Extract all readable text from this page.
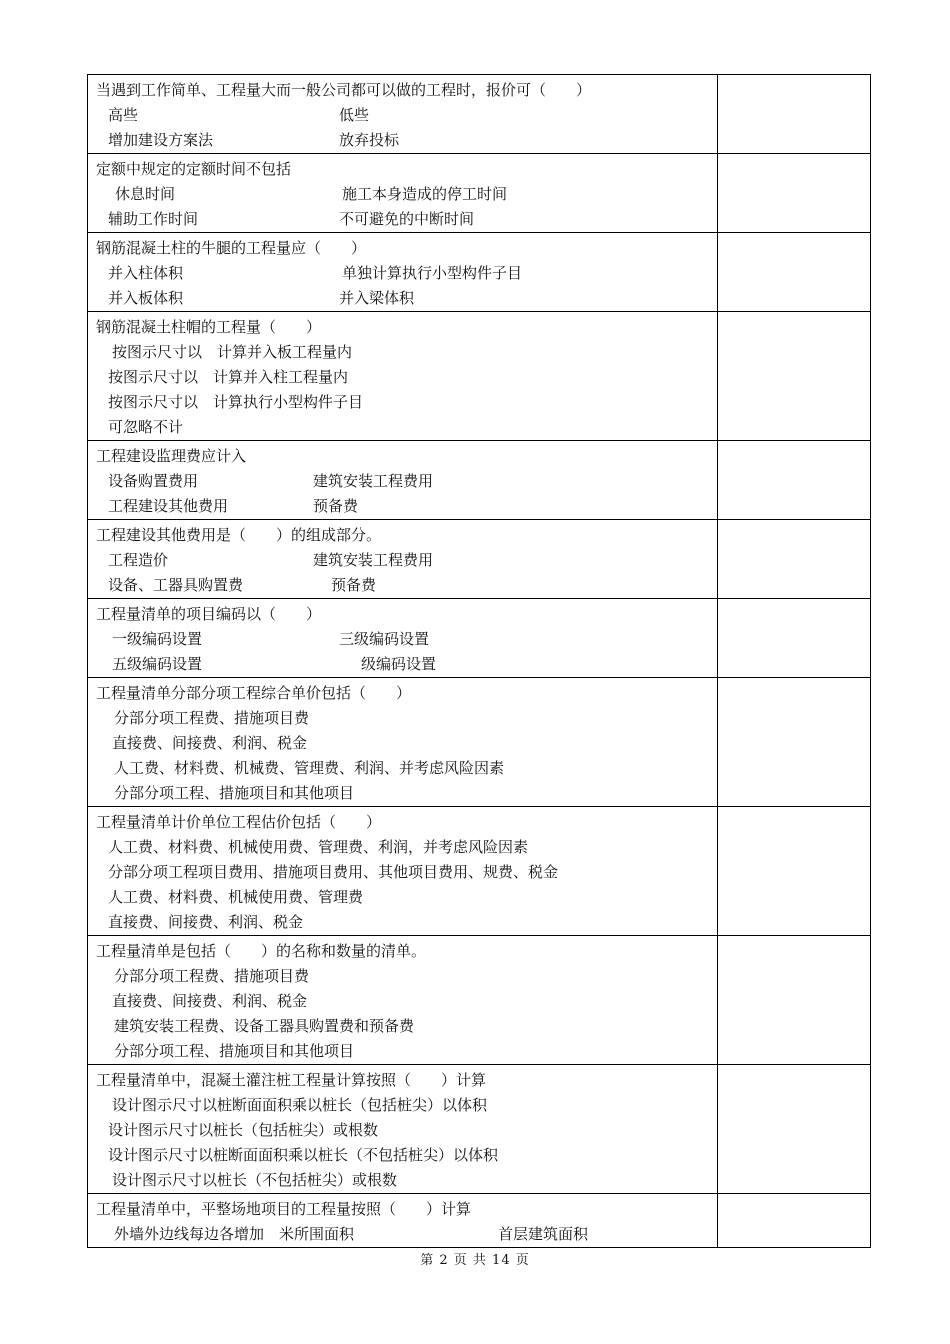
当遇到工作简单、工程量大而一般公司都可以做的工程时，报价可（　　）
高些 低些
增加建设方案法 放弃投标	

定额中规定的定额时间不包括
休息时间 施工本身造成的停工时间
辅助工作时间 不可避免的中断时间	

钢筋混凝土柱的牛腿的工程量应（　　）
并入柱体积 单独计算执行小型构件子目
并入板体积 并入梁体积	

钢筋混凝土柱帽的工程量（　　）
按图示尺寸以　计算并入板工程量内
按图示尺寸以　计算并入柱工程量内
按图示尺寸以　计算执行小型构件子目
可忽略不计	

工程建设监理费应计入
设备购置费用 建筑安装工程费用
工程建设其他费用 预备费	

工程建设其他费用是（　　）的组成部分。
工程造价 建筑安装工程费用
设备、工器具购置费 预备费	

工程量清单的项目编码以（　　）
一级编码设置 三级编码设置
五级编码设置 级编码设置	

工程量清单分部分项工程综合单价包括（　　）
分部分项工程费、措施项目费
直接费、间接费、利润、税金
人工费、材料费、机械费、管理费、利润、并考虑风险因素
分部分项工程、措施项目和其他项目	

工程量清单计价单位工程估价包括（　　）
人工费、材料费、机械使用费、管理费、利润，并考虑风险因素
分部分项工程项目费用、措施项目费用、其他项目费用、规费、税金
人工费、材料费、机械使用费、管理费
直接费、间接费、利润、税金	

工程量清单是包括（　　）的名称和数量的清单。
分部分项工程费、措施项目费
直接费、间接费、利润、税金
建筑安装工程费、设备工器具购置费和预备费
分部分项工程、措施项目和其他项目	

工程量清单中，混凝土灌注桩工程量计算按照（　　）计算
设计图示尺寸以桩断面面积乘以桩长（包括桩尖）以体积
设计图示尺寸以桩长（包括桩尖）或根数
设计图示尺寸以桩断面面积乘以桩长（不包括桩尖）以体积
设计图示尺寸以桩长（不包括桩尖）或根数	

工程量清单中，平整场地项目的工程量按照（　　）计算
外墙外边线每边各增加　米所围面积 首层建筑面积	

第 2 页 共 14 页
